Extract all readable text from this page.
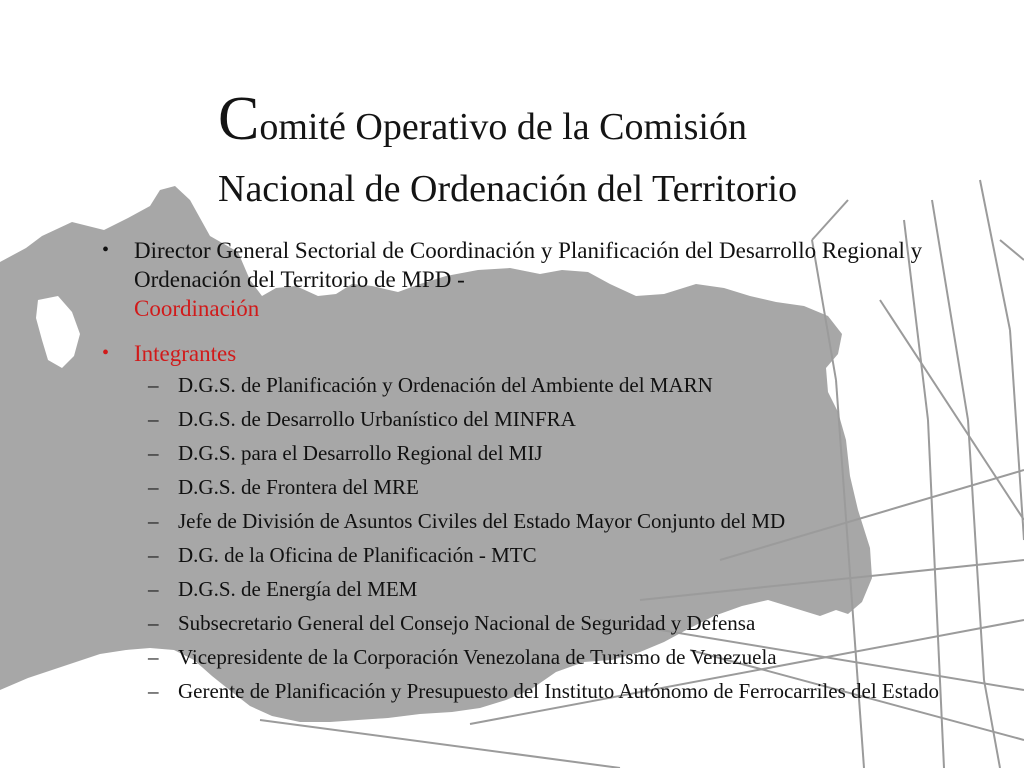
Comité Operativo de la Comisión
Nacional de Ordenación del Territorio
• Director General Sectorial de Coordinación y Planificación del Desarrollo Regional y Ordenación del Territorio de MPD -
Coordinación
• Integrantes
– D.G.S. de Planificación y Ordenación del Ambiente del MARN
– D.G.S. de Desarrollo Urbanístico del MINFRA
– D.G.S. para el Desarrollo Regional del MIJ
– D.G.S. de Frontera del MRE
– Jefe de División de Asuntos Civiles del Estado Mayor Conjunto del MD
– D.G. de la Oficina de Planificación - MTC
– D.G.S. de Energía del MEM
– Subsecretario General del Consejo Nacional de Seguridad y Defensa
– Vicepresidente de la Corporación Venezolana de Turismo de Venezuela
– Gerente de Planificación y Presupuesto del Instituto Autónomo de Ferrocarriles del Estado
